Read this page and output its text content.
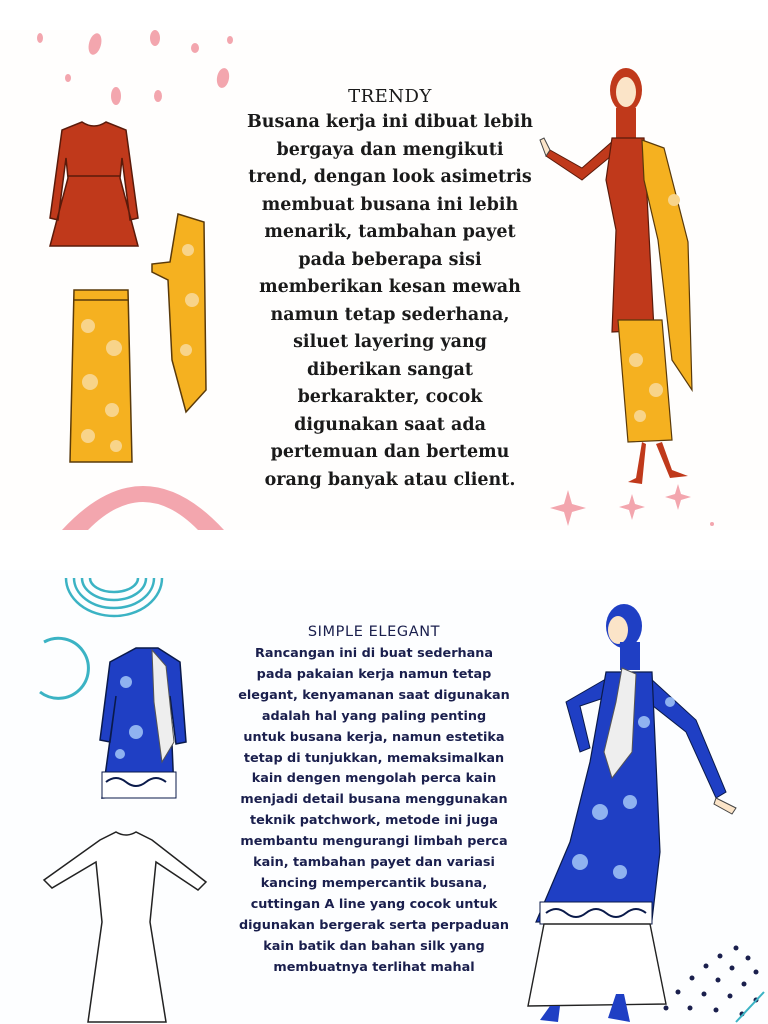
TRENDY
Busana kerja ini dibuat lebih
bergaya dan mengikuti
trend, dengan look asimetris
membuat busana ini lebih
menarik, tambahan payet
pada beberapa sisi
memberikan kesan mewah
namun tetap sederhana,
siluet layering yang
diberikan sangat
berkarakter, cocok
digunakan saat ada
pertemuan dan bertemu
orang banyak atau client.
SIMPLE ELEGANT
Rancangan ini di buat sederhana
pada pakaian kerja namun tetap
elegant, kenyamanan saat digunakan
adalah hal yang paling penting
untuk busana kerja, namun estetika
tetap di tunjukkan, memaksimalkan
kain dengen mengolah perca kain
menjadi detail busana menggunakan
teknik patchwork, metode ini juga
membantu mengurangi limbah perca
kain, tambahan payet dan variasi
kancing mempercantik busana,
cuttingan A line yang cocok untuk
digunakan bergerak serta perpaduan
kain batik dan bahan silk yang
membuatnya terlihat mahal
